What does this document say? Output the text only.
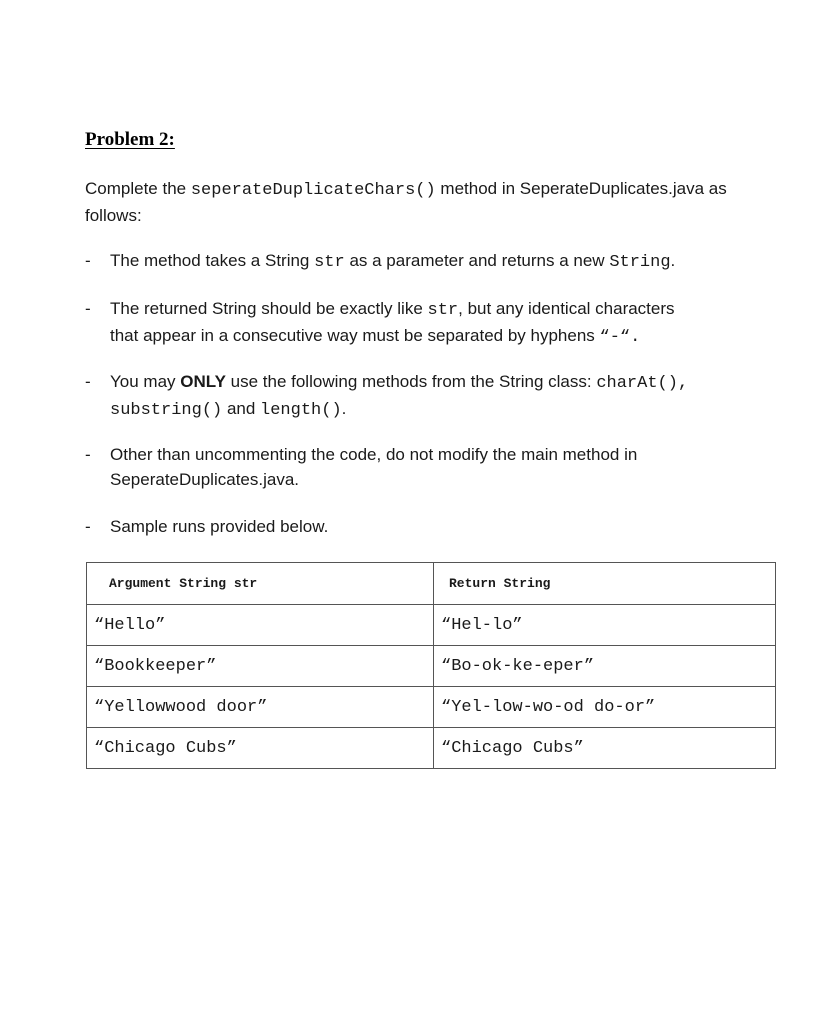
Problem 2:
Complete the seperateDuplicateChars() method in SeperateDuplicates.java as
follows:
- The method takes a String str as a parameter and returns a new String.
- The returned String should be exactly like str, but any identical characters
that appear in a consecutive way must be separated by hyphens “-“.
- You may ONLY use the following methods from the String class: charAt(),
substring() and length().
- Other than uncommenting the code, do not modify the main method in
SeperateDuplicates.java.
- Sample runs provided below.
Argument String str	Return String
“Hello”	“Hel-lo”
“Bookkeeper”	“Bo-ok-ke-eper”
“Yellowwood door”	“Yel-low-wo-od do-or”
“Chicago Cubs”	“Chicago Cubs”
